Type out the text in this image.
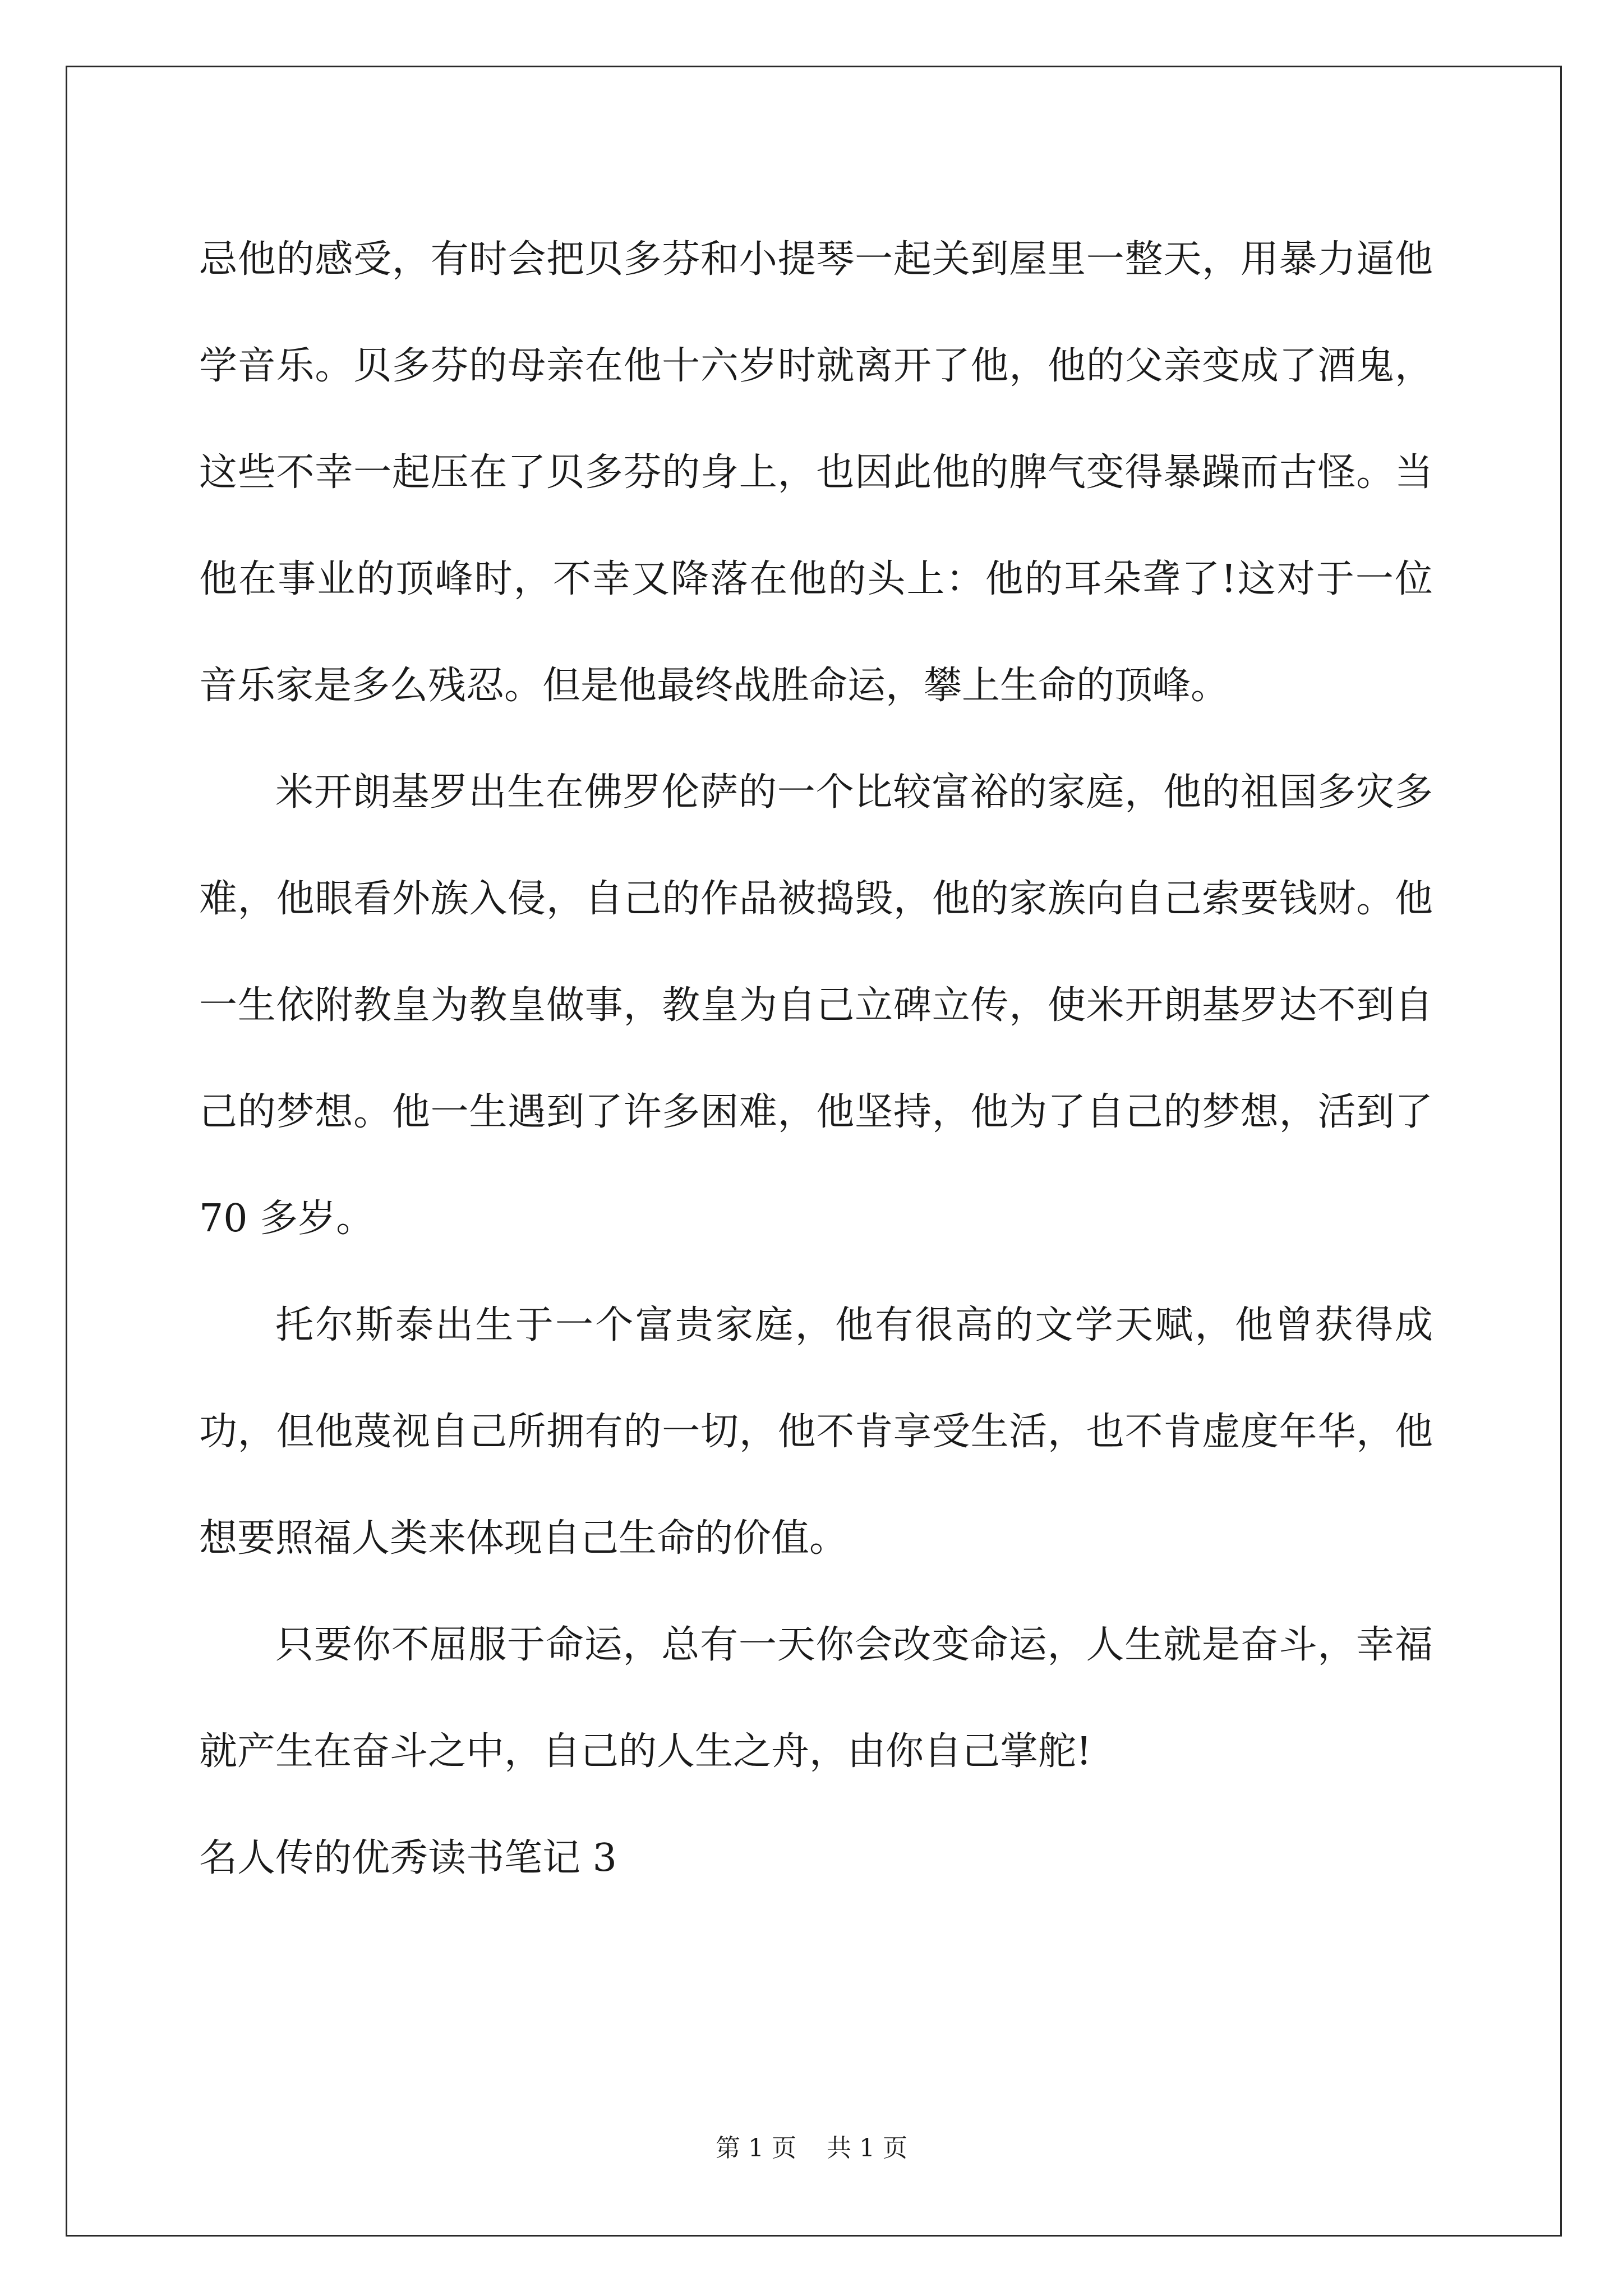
忌他的感受，有时会把贝多芬和小提琴一起关到屋里一整天，用暴力逼他学音乐。贝多芬的母亲在他十六岁时就离开了他，他的父亲变成了酒鬼，这些不幸一起压在了贝多芬的身上，也因此他的脾气变得暴躁而古怪。当他在事业的顶峰时，不幸又降落在他的头上：他的耳朵聋了!这对于一位音乐家是多么残忍。但是他最终战胜命运，攀上生命的顶峰。

米开朗基罗出生在佛罗伦萨的一个比较富裕的家庭，他的祖国多灾多难，他眼看外族入侵，自己的作品被捣毁，他的家族向自己索要钱财。他一生依附教皇为教皇做事，教皇为自己立碑立传，使米开朗基罗达不到自己的梦想。他一生遇到了许多困难，他坚持，他为了自己的梦想，活到了 70 多岁。

托尔斯泰出生于一个富贵家庭，他有很高的文学天赋，他曾获得成功，但他蔑视自己所拥有的一切，他不肯享受生活，也不肯虚度年华，他想要照福人类来体现自己生命的价值。

只要你不屈服于命运，总有一天你会改变命运，人生就是奋斗，幸福就产生在奋斗之中，自己的人生之舟，由你自己掌舵!

名人传的优秀读书笔记 3
第 1 页 共 1 页
